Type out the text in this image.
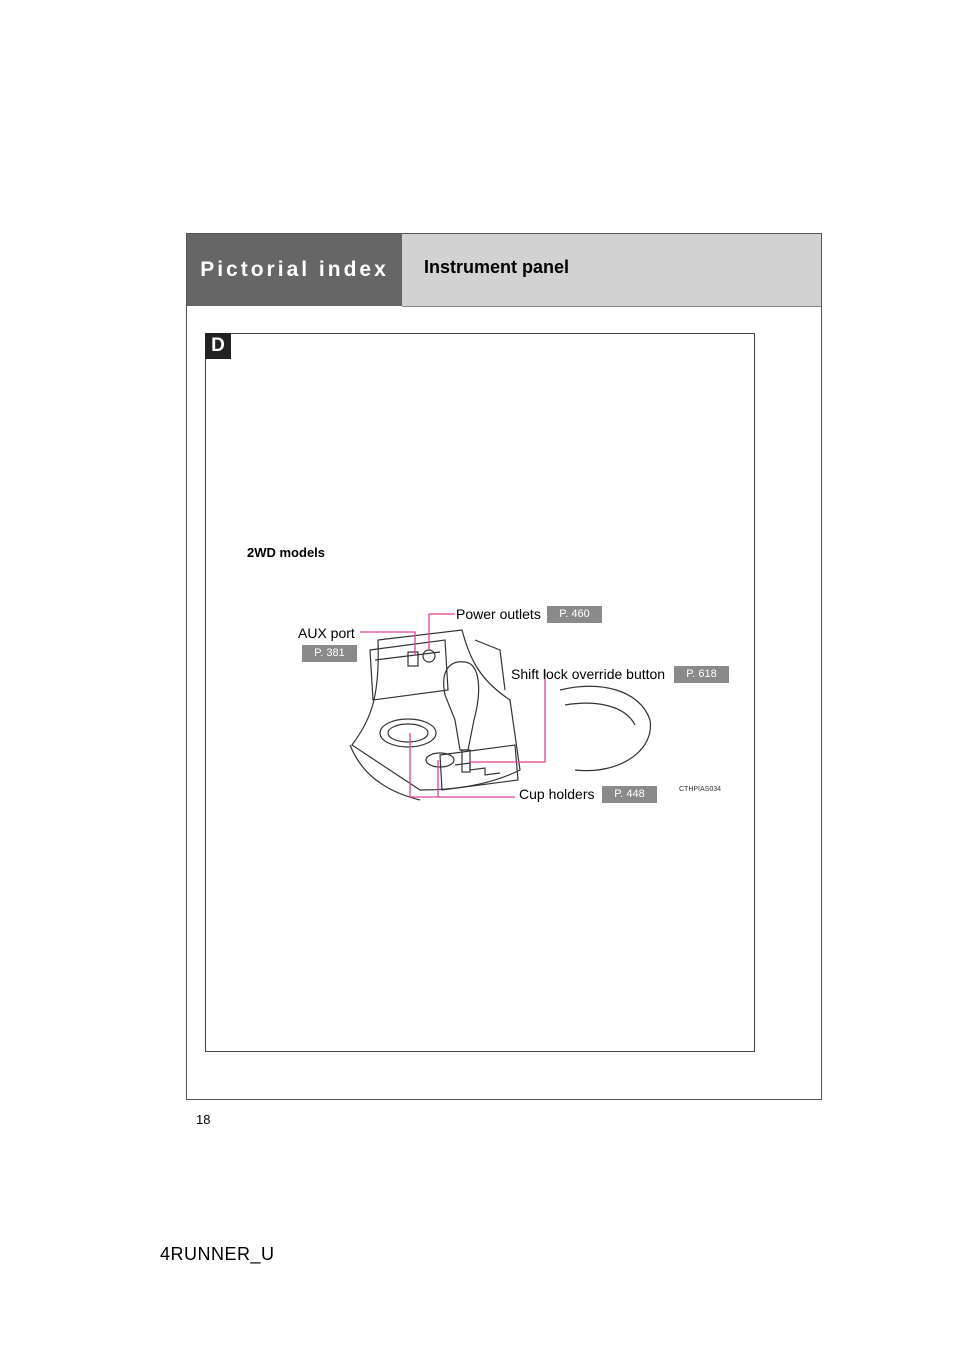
Pictorial index	Instrument panel
D
2WD models
Power outlets	P. 460
AUX port
P. 381
Shift lock override button	P. 618
Cup holders	P. 448	CTHPIAS034
18
4RUNNER_U
